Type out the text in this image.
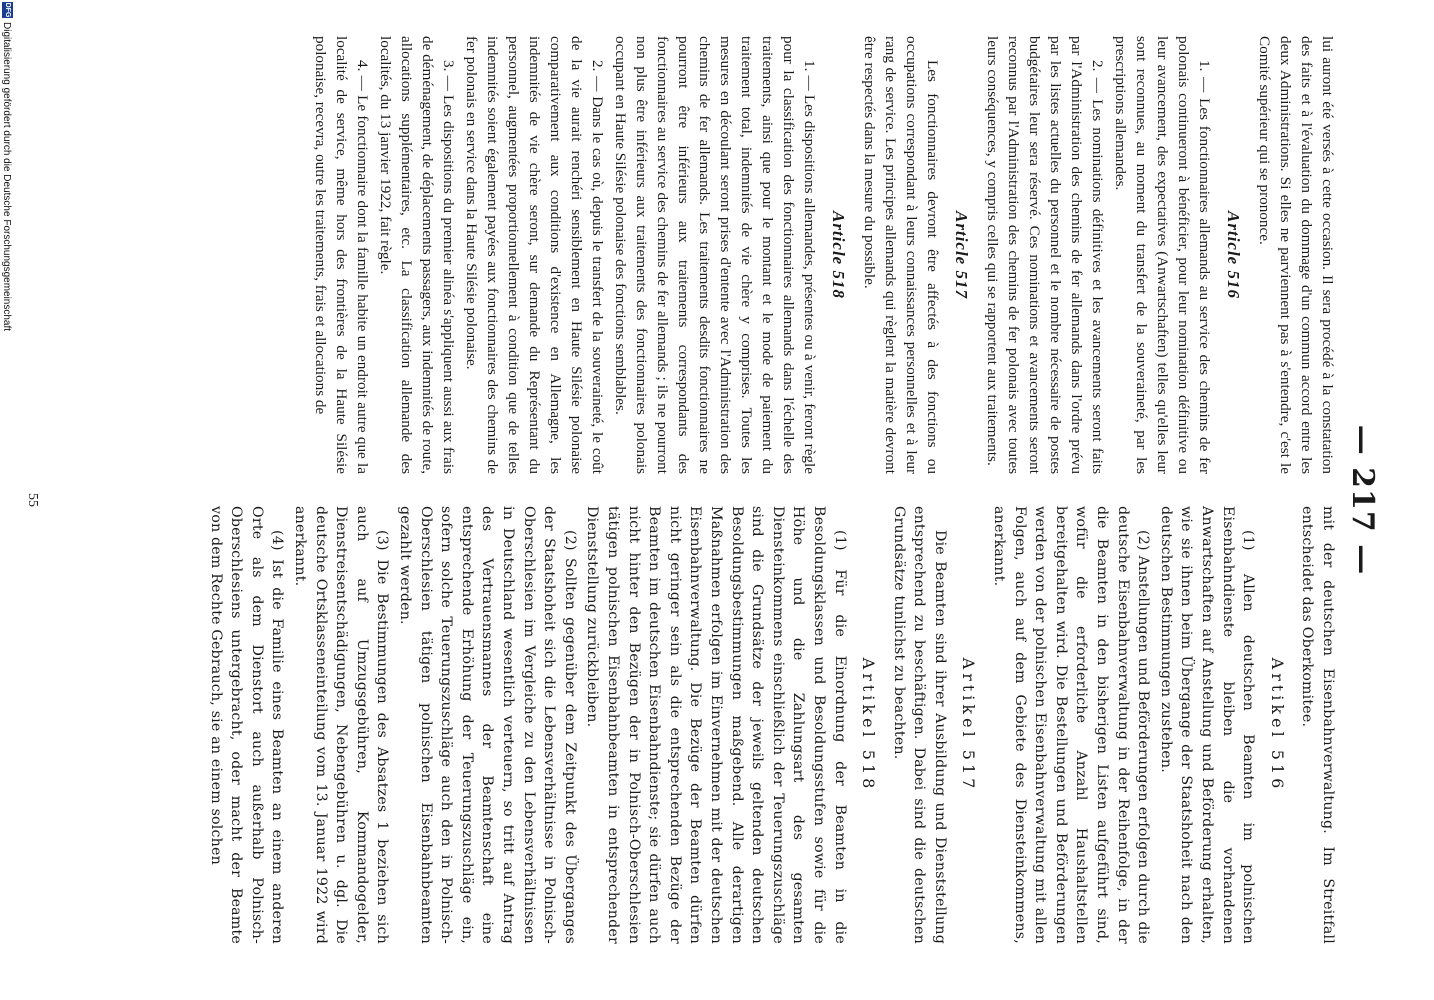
— 217 —

lui auront été versés à cette occasion. Il sera procédé à la constatation des faits et à l'évaluation du dommage d'un commun accord entre les deux Administrations. Si elles ne parviennent pas à s'entendre, c'est le Comité supérieur qui se prononce.

Article 516

1. — Les fonctionnaires allemands au service des chemins de fer polonais continueront à bénéficier, pour leur nomination définitive ou leur avancement, des expectatives (Anwartschaften) telles qu'elles leur sont reconnues, au moment du transfert de la souveraineté, par les prescriptions allemandes.

2. — Les nominations définitives et les avancements seront faits par l'Administration des chemins de fer allemands dans l'ordre prévu par les listes actuelles du personnel et le nombre nécessaire de postes budgétaires leur sera réservé. Ces nominations et avancements seront reconnus par l'Administration des chemins de fer polonais avec toutes leurs conséquences, y compris celles qui se rapportent aux traitements.

Article 517

Les fonctionnaires devront être affectés à des fonctions ou occupations correspondant à leurs connaissances personnelles et à leur rang de service. Les principes allemands qui règlent la matière devront être respectés dans la mesure du possible.

Article 518

1. — Les dispositions allemandes, présentes ou à venir, feront règle pour la classification des fonctionnaires allemands dans l'échelle des traitements, ainsi que pour le montant et le mode de paiement du traitement total, indemnités de vie chère y comprises. Toutes les mesures en découlant seront prises d'entente avec l'Administration des chemins de fer allemands. Les traitements desdits fonctionnaires ne pourront être inférieurs aux traitements correspondants des fonctionnaires au service des chemins de fer allemands ; ils ne pourront non plus être inférieurs aux traitements des fonctionnaires polonais occupant en Haute Silésie polonaise des fonctions semblables.

2. — Dans le cas où, depuis le transfert de la souveraineté, le coût de la vie aurait renchéri sensiblement en Haute Silésie polonaise comparativement aux conditions d'existence en Allemagne, les indemnités de vie chère seront, sur demande du Représentant du personnel, augmentées proportionnellement à condition que de telles indemnités soient également payées aux fonctionnaires des chemins de fer polonais en service dans la Haute Silésie polonaise.

3. — Les dispositions du premier alinéa s'appliquent aussi aux frais de déménagement, de déplacements passagers, aux indemnités de route, allocations supplémentaires, etc. La classification allemande des localités, du 13 janvier 1922, fait règle.

4. — Le fonctionnaire dont la famille habite un endroit autre que la localité de service, même hors des frontières de la Haute Silésie polonaise, recevra, outre les traitements, frais et allocations de

mit der deutschen Eisenbahnverwaltung. Im Streitfall entscheidet das Oberkomitee.

Artikel 516

(1) Allen deutschen Beamten im polnischen Eisenbahndienste bleiben die vorhandenen Anwartschaften auf Anstellung und Beförderung erhalten, wie sie ihnen beim Übergange der Staatshoheit nach den deutschen Bestimmungen zustehen.

(2) Anstellungen und Beförderungen erfolgen durch die deutsche Eisenbahnverwaltung in der Reihenfolge, in der die Beamten in den bisherigen Listen aufgeführt sind, wofür die erforderliche Anzahl Haushaltstellen bereitgehalten wird. Die Bestellungen und Beförderungen werden von der polnischen Eisenbahnverwaltung mit allen Folgen, auch auf dem Gebiete des Diensteinkommens, anerkannt.

Artikel 517

Die Beamten sind ihrer Ausbildung und Dienststellung entsprechend zu beschäftigen. Dabei sind die deutschen Grundsätze tunlichst zu beachten.

Artikel 518

(1) Für die Einordnung der Beamten in die Besoldungsklassen und Besoldungsstufen sowie für die Höhe und die Zahlungsart des gesamten Diensteinkommens einschließlich der Teuerungszuschläge sind die Grundsätze der jeweils geltenden deutschen Besoldungsbestimmungen maßgebend. Alle derartigen Maßnahmen erfolgen im Einvernehmen mit der deutschen Eisenbahnverwaltung. Die Bezüge der Beamten dürfen nicht geringer sein als die entsprechenden Bezüge der Beamten im deutschen Eisenbahndienste; sie dürfen auch nicht hinter den Bezügen der in Polnisch-Oberschlesien tätigen polnischen Eisenbahnbeamten in entsprechender Dienststellung zurückbleiben.

(2) Sollten gegenüber dem Zeitpunkt des Überganges der Staatshoheit sich die Lebensverhältnisse in Polnisch-Oberschlesien im Vergleiche zu den Lebensverhältnissen in Deutschland wesentlich verteuern, so tritt auf Antrag des Vertrauensmannes der Beamtenschaft eine entsprechende Erhöhung der Teuerungszuschläge ein, sofern solche Teuerungszuschläge auch den in Polnisch-Oberschlesien tätigen polnischen Eisenbahnbeamten gezahlt werden.

(3) Die Bestimmungen des Absatzes 1 beziehen sich auch auf Umzugsgebühren, Kommandogelder, Dienstreisentschädigungen, Nebengebühren u. dgl. Die deutsche Ortsklasseneinteilung vom 13. Januar 1922 wird anerkannt.

(4) Ist die Familie eines Beamten an einem anderen Orte als dem Dienstort auch außerhalb Polnisch-Oberschlesiens untergebracht, oder macht der Beamte von dem Rechte Gebrauch, sie an einem solchen

55
DFG
Digitalisierung gefördert durch die Deutsche Forschungsgemeinschaft
